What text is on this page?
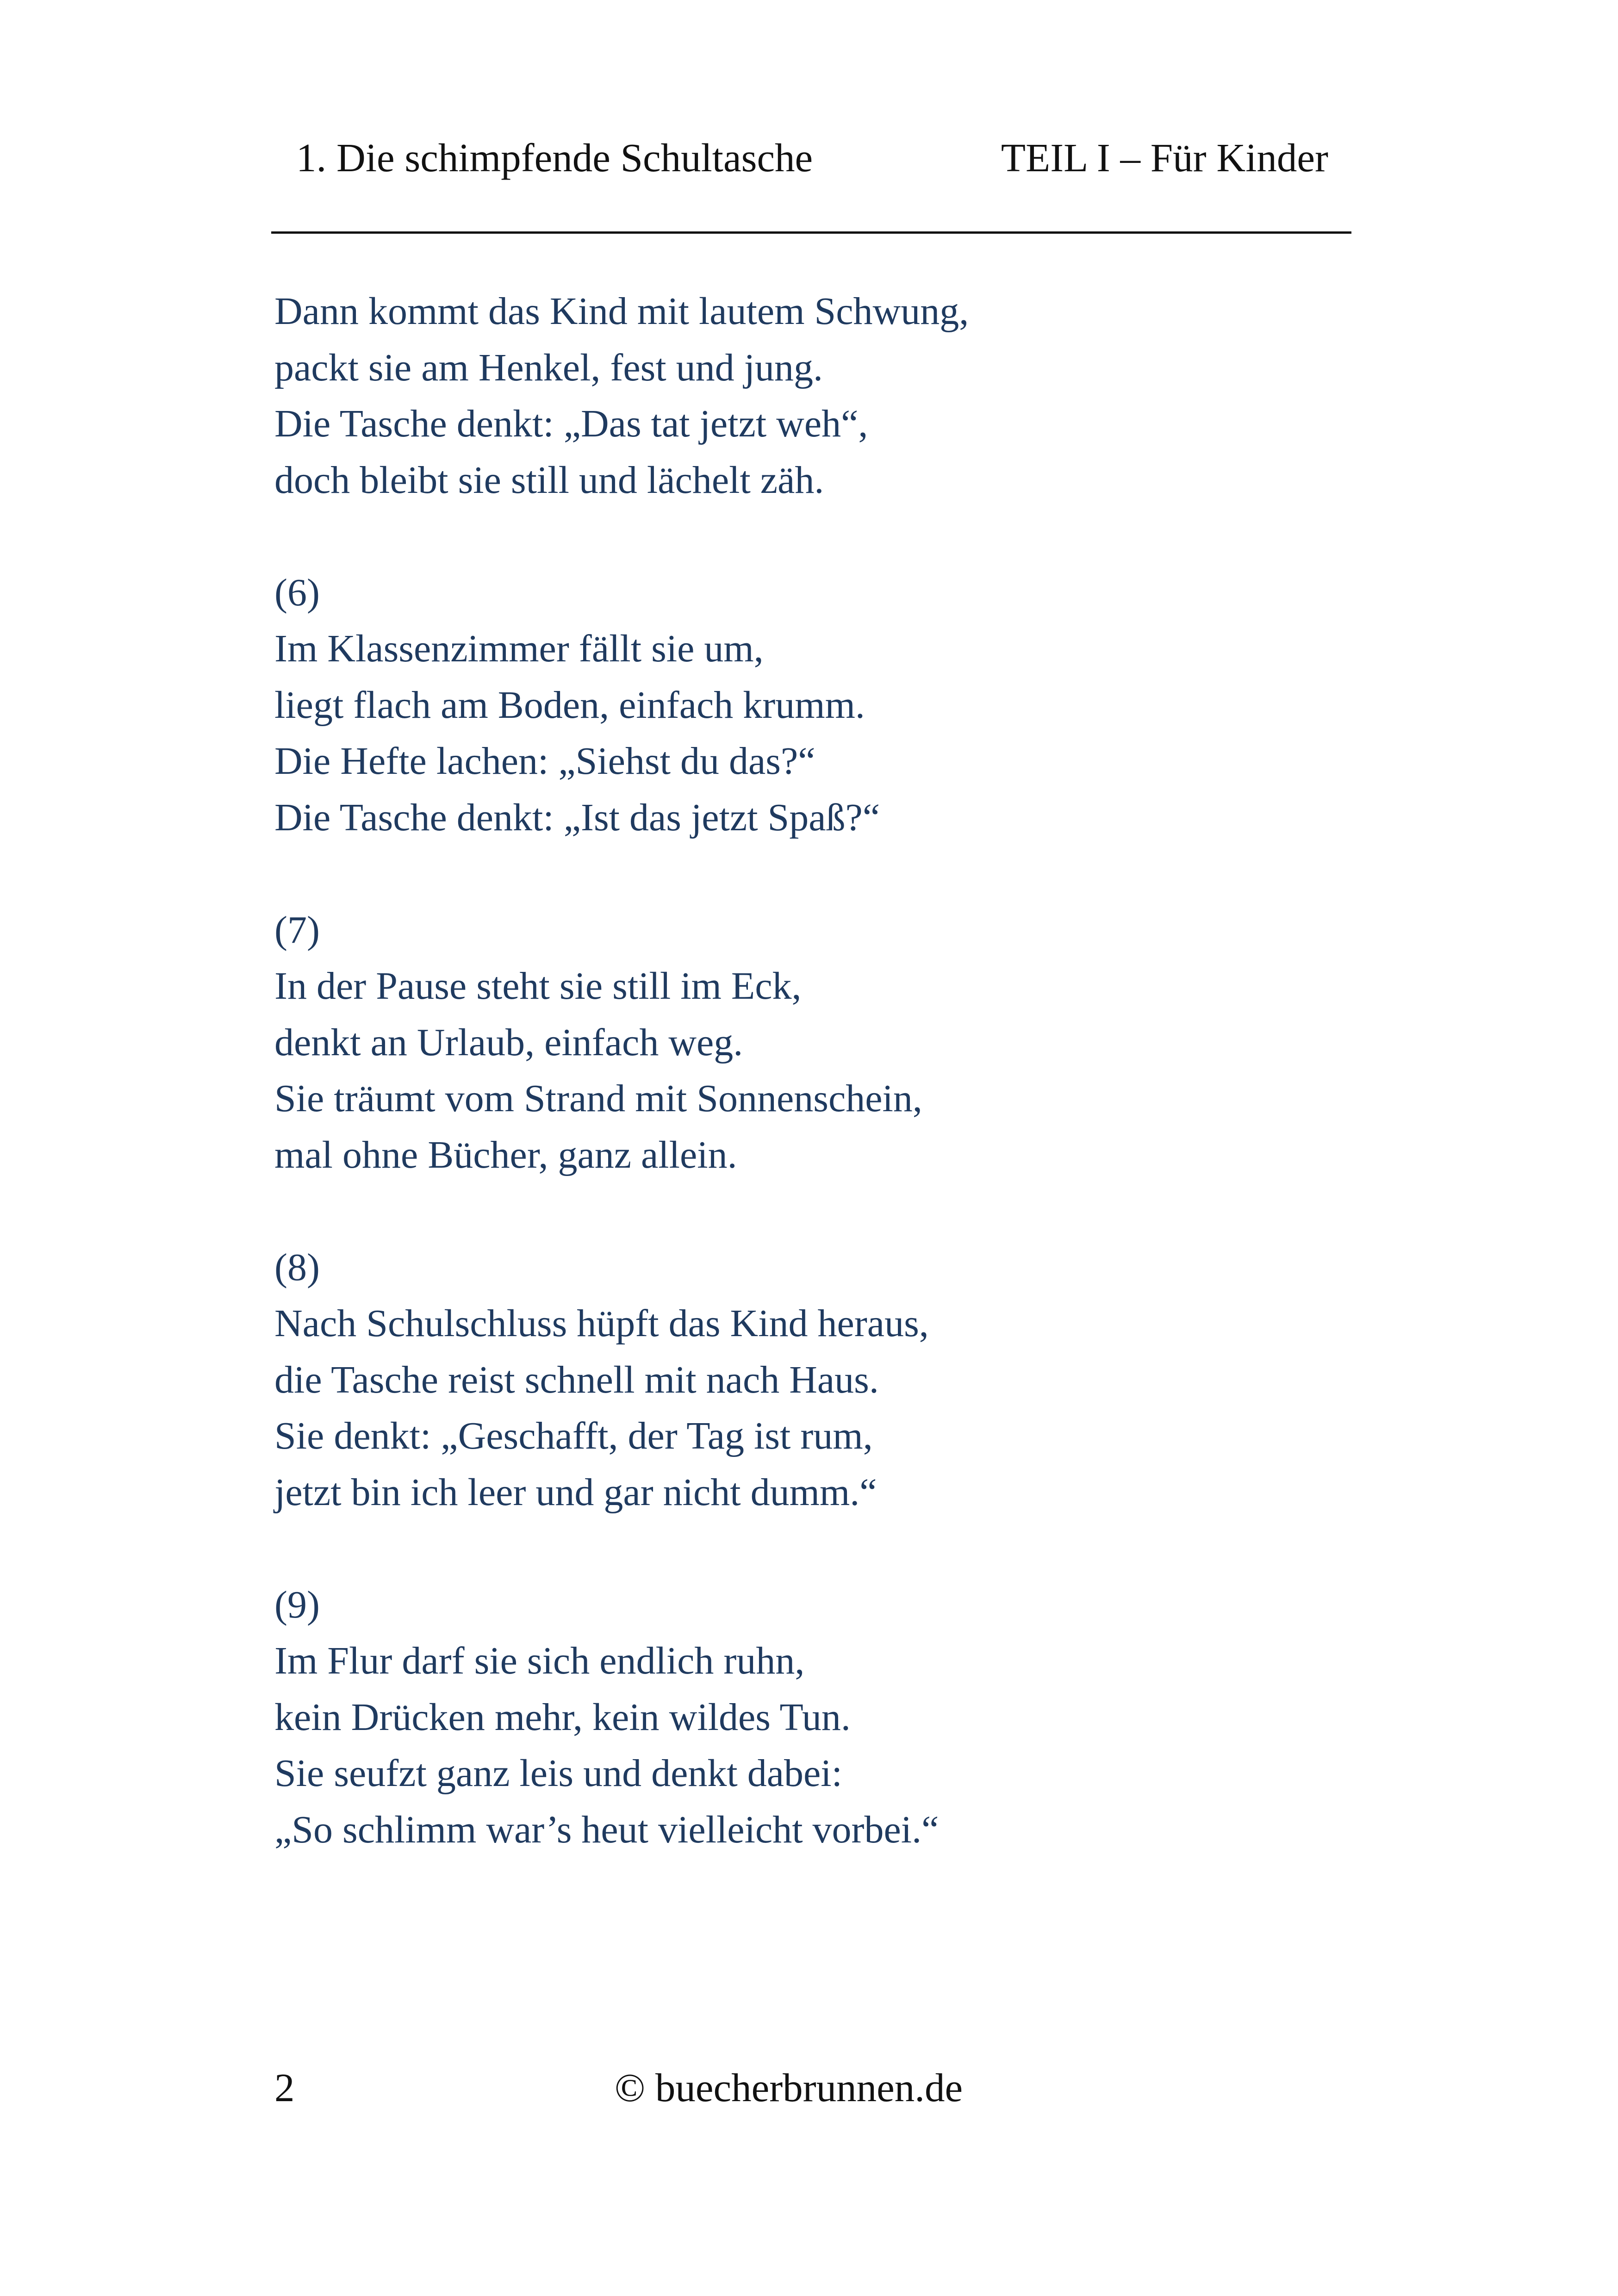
1. Die schimpfende Schultasche	TEIL I – Für Kinder
Dann kommt das Kind mit lautem Schwung,
packt sie am Henkel, fest und jung.
Die Tasche denkt: „Das tat jetzt weh“,
doch bleibt sie still und lächelt zäh.
(6)
Im Klassenzimmer fällt sie um,
liegt flach am Boden, einfach krumm.
Die Hefte lachen: „Siehst du das?“
Die Tasche denkt: „Ist das jetzt Spaß?“
(7)
In der Pause steht sie still im Eck,
denkt an Urlaub, einfach weg.
Sie träumt vom Strand mit Sonnenschein,
mal ohne Bücher, ganz allein.
(8)
Nach Schulschluss hüpft das Kind heraus,
die Tasche reist schnell mit nach Haus.
Sie denkt: „Geschafft, der Tag ist rum,
jetzt bin ich leer und gar nicht dumm.“
(9)
Im Flur darf sie sich endlich ruhn,
kein Drücken mehr, kein wildes Tun.
Sie seufzt ganz leis und denkt dabei:
„So schlimm war’s heut vielleicht vorbei.“
2	© buecherbrunnen.de
